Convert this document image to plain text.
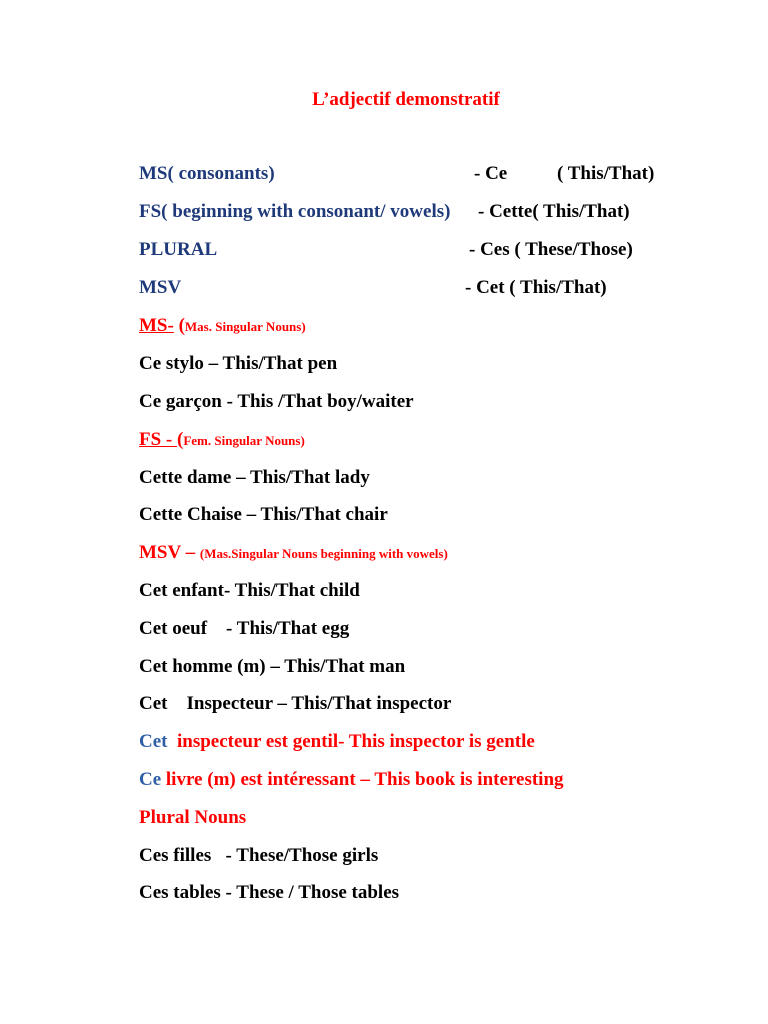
L’adjectif demonstratif
MS( consonants)	- Ce	( This/That)
FS( beginning with consonant/ vowels) - Cette( This/That)
PLURAL	- Ces ( These/Those)
MSV	- Cet ( This/That)
MS- (Mas. Singular Nouns)
Ce stylo – This/That pen
Ce garçon - This /That boy/waiter
FS - (Fem. Singular Nouns)
Cette dame – This/That lady
Cette Chaise – This/That chair
MSV – (Mas.Singular Nouns beginning with vowels)
Cet enfant- This/That child
Cet oeuf    - This/That egg
Cet homme (m) – This/That man
Cet    Inspecteur – This/That inspector
Cet  inspecteur est gentil- This inspector is gentle
Ce livre (m) est intéressant – This book is interesting
Plural Nouns
Ces filles   - These/Those girls
Ces tables - These / Those tables
